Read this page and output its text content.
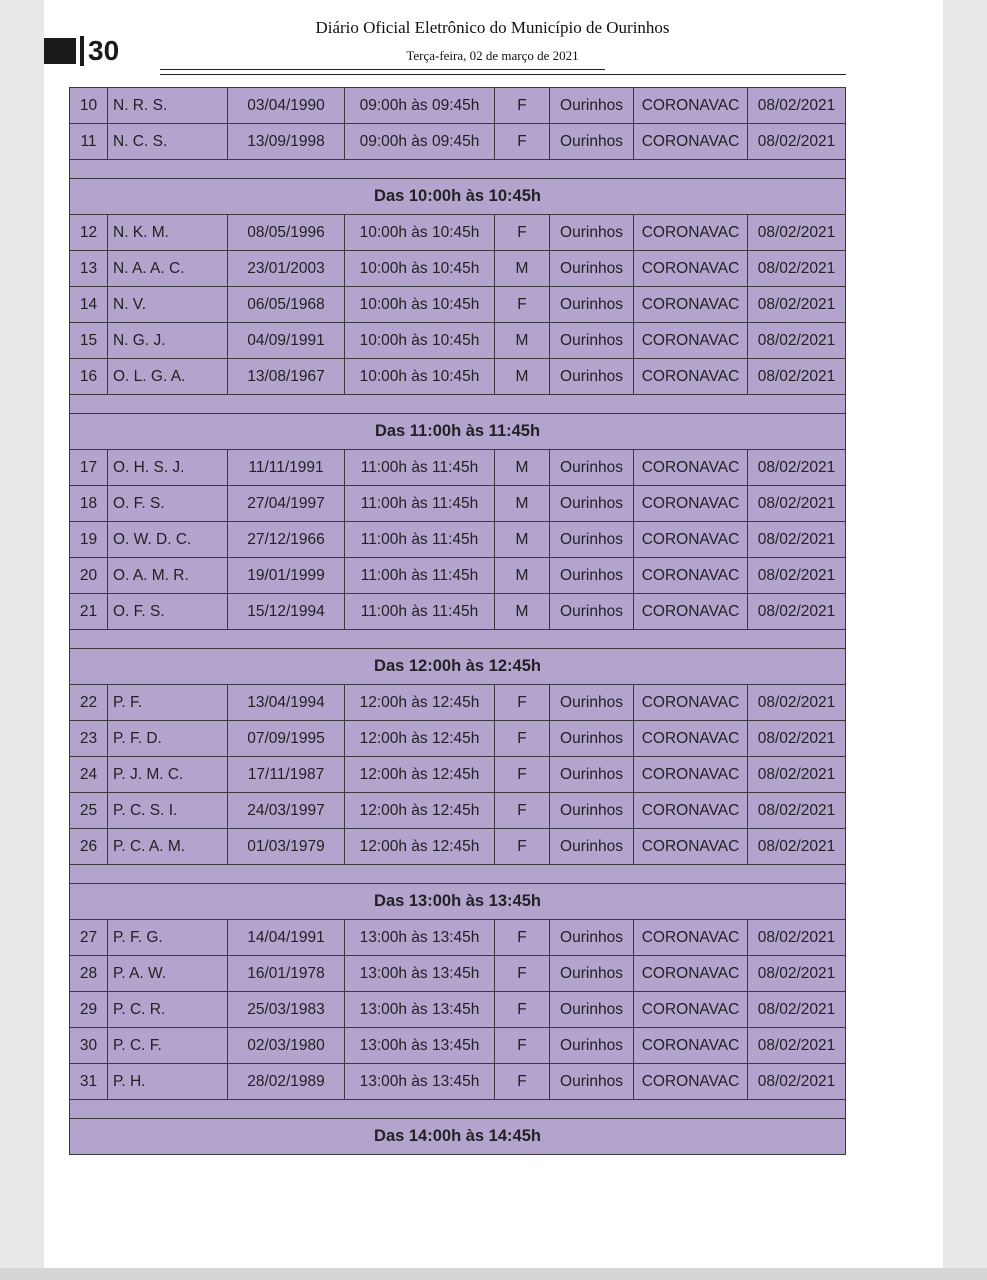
30
Diário Oficial Eletrônico do Município de Ourinhos
Terça-feira, 02 de março de 2021
10	N. R. S.	03/04/1990	09:00h às 09:45h	F	Ourinhos	CORONAVAC	08/02/2021
11	N. C. S.	13/09/1998	09:00h às 09:45h	F	Ourinhos	CORONAVAC	08/02/2021

Das 10:00h às 10:45h							
12	N. K. M.	08/05/1996	10:00h às 10:45h	F	Ourinhos	CORONAVAC	08/02/2021
13	N. A. A. C.	23/01/2003	10:00h às 10:45h	M	Ourinhos	CORONAVAC	08/02/2021
14	N. V.	06/05/1968	10:00h às 10:45h	F	Ourinhos	CORONAVAC	08/02/2021
15	N. G. J.	04/09/1991	10:00h às 10:45h	M	Ourinhos	CORONAVAC	08/02/2021
16	O. L. G. A.	13/08/1967	10:00h às 10:45h	M	Ourinhos	CORONAVAC	08/02/2021

Das 11:00h às 11:45h							
17	O. H. S. J.	11/11/1991	11:00h às 11:45h	M	Ourinhos	CORONAVAC	08/02/2021
18	O. F. S.	27/04/1997	11:00h às 11:45h	M	Ourinhos	CORONAVAC	08/02/2021
19	O. W. D. C.	27/12/1966	11:00h às 11:45h	M	Ourinhos	CORONAVAC	08/02/2021
20	O. A. M. R.	19/01/1999	11:00h às 11:45h	M	Ourinhos	CORONAVAC	08/02/2021
21	O. F. S.	15/12/1994	11:00h às 11:45h	M	Ourinhos	CORONAVAC	08/02/2021

Das 12:00h às 12:45h							
22	P. F.	13/04/1994	12:00h às 12:45h	F	Ourinhos	CORONAVAC	08/02/2021
23	P. F. D.	07/09/1995	12:00h às 12:45h	F	Ourinhos	CORONAVAC	08/02/2021
24	P. J. M. C.	17/11/1987	12:00h às 12:45h	F	Ourinhos	CORONAVAC	08/02/2021
25	P. C. S. I.	24/03/1997	12:00h às 12:45h	F	Ourinhos	CORONAVAC	08/02/2021
26	P. C. A. M.	01/03/1979	12:00h às 12:45h	F	Ourinhos	CORONAVAC	08/02/2021

Das 13:00h às 13:45h							
27	P. F. G.	14/04/1991	13:00h às 13:45h	F	Ourinhos	CORONAVAC	08/02/2021
28	P. A. W.	16/01/1978	13:00h às 13:45h	F	Ourinhos	CORONAVAC	08/02/2021
29	P. C. R.	25/03/1983	13:00h às 13:45h	F	Ourinhos	CORONAVAC	08/02/2021
30	P. C. F.	02/03/1980	13:00h às 13:45h	F	Ourinhos	CORONAVAC	08/02/2021
31	P. H.	28/02/1989	13:00h às 13:45h	F	Ourinhos	CORONAVAC	08/02/2021

Das 14:00h às 14:45h							
